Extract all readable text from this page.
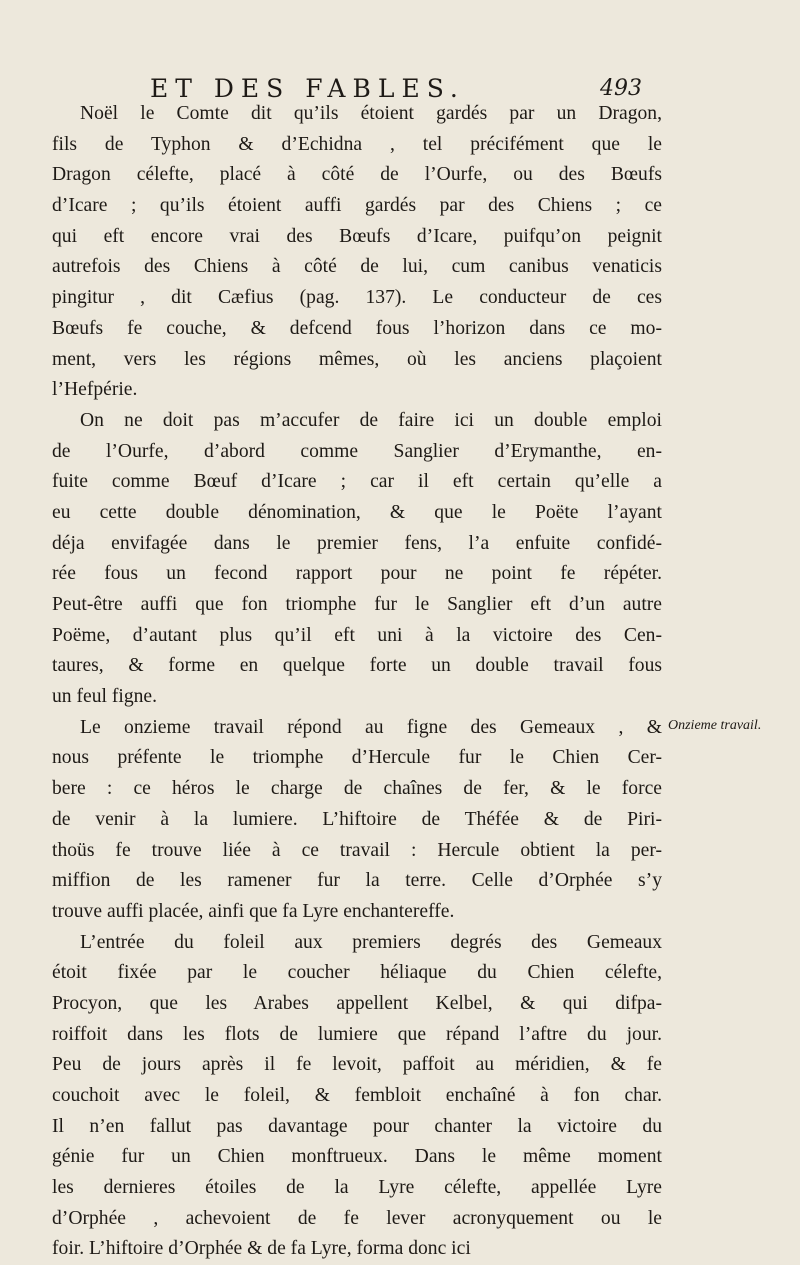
ET DES FABLES.	493
Noël le Comte dit qu’ils étoient gardés par un Dragon,
fils de Typhon & d’Echidna , tel précifément que le
Dragon célefte, placé à côté de l’Ourfe, ou des Bœufs
d’Icare ; qu’ils étoient auffi gardés par des Chiens ; ce
qui eft encore vrai des Bœufs d’Icare, puifqu’on peignit
autrefois des Chiens à côté de lui, cum canibus venaticis
pingitur , dit Cæfius (pag. 137). Le conducteur de ces
Bœufs fe couche, & defcend fous l’horizon dans ce mo-
ment, vers les régions mêmes, où les anciens plaçoient
l’Hefpérie.
On ne doit pas m’accufer de faire ici un double emploi
de l’Ourfe, d’abord comme Sanglier d’Erymanthe, en-
fuite comme Bœuf d’Icare ; car il eft certain qu’elle a
eu cette double dénomination, & que le Poëte l’ayant
déja envifagée dans le premier fens, l’a enfuite confidé-
rée fous un fecond rapport pour ne point fe répéter.
Peut-être auffi que fon triomphe fur le Sanglier eft d’un autre
Poëme, d’autant plus qu’il eft uni à la victoire des Cen-
taures, & forme en quelque forte un double travail fous
un feul figne.
Le onzieme travail répond au figne des Gemeaux , &
nous préfente le triomphe d’Hercule fur le Chien Cer-
bere : ce héros le charge de chaînes de fer, & le force
de venir à la lumiere. L’hiftoire de Théfée & de Piri-
thoüs fe trouve liée à ce travail : Hercule obtient la per-
miffion de les ramener fur la terre. Celle d’Orphée s’y
trouve auffi placée, ainfi que fa Lyre enchantereffe.
L’entrée du foleil aux premiers degrés des Gemeaux
étoit fixée par le coucher héliaque du Chien célefte,
Procyon, que les Arabes appellent Kelbel, & qui difpa-
roiffoit dans les flots de lumiere que répand l’aftre du jour.
Peu de jours après il fe levoit, paffoit au méridien, & fe
couchoit avec le foleil, & fembloit enchaîné à fon char.
Il n’en fallut pas davantage pour chanter la victoire du
génie fur un Chien monftrueux. Dans le même moment
les dernieres étoiles de la Lyre célefte, appellée Lyre
d’Orphée , achevoient de fe lever acronyquement ou le
foir. L’hiftoire d’Orphée & de fa Lyre, forma donc ici
Onzieme travail.
